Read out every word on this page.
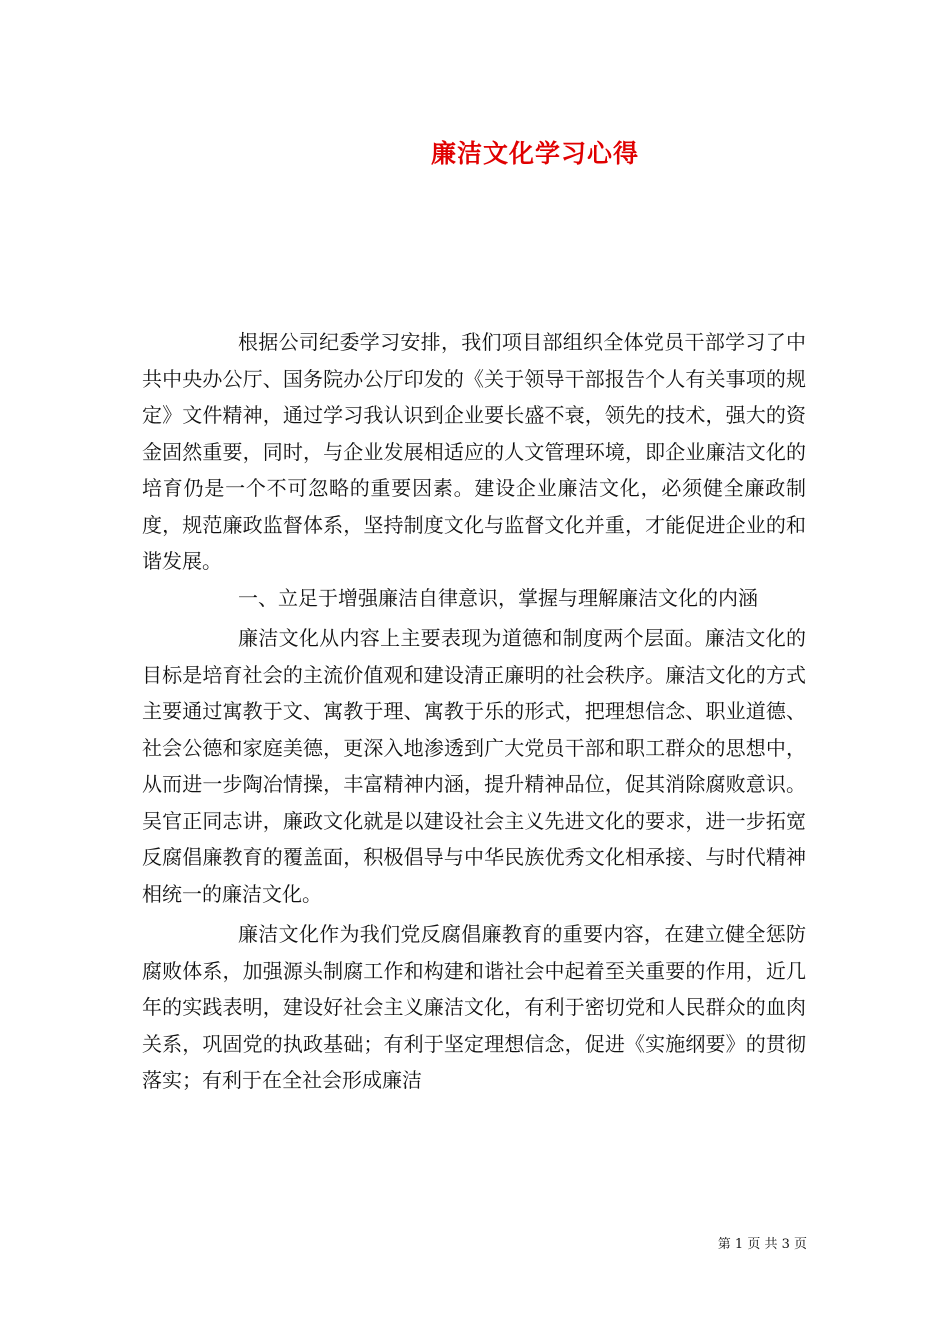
廉洁文化学习心得

根据公司纪委学习安排，我们项目部组织全体党员干部学习了中共中央办公厅、国务院办公厅印发的《关于领导干部报告个人有关事项的规定》文件精神，通过学习我认识到企业要长盛不衰，领先的技术，强大的资金固然重要，同时，与企业发展相适应的人文管理环境，即企业廉洁文化的培育仍是一个不可忽略的重要因素。建设企业廉洁文化，必须健全廉政制度，规范廉政监督体系，坚持制度文化与监督文化并重，才能促进企业的和谐发展。

一、立足于增强廉洁自律意识，掌握与理解廉洁文化的内涵

廉洁文化从内容上主要表现为道德和制度两个层面。廉洁文化的目标是培育社会的主流价值观和建设清正廉明的社会秩序。廉洁文化的方式主要通过寓教于文、寓教于理、寓教于乐的形式，把理想信念、职业道德、社会公德和家庭美德，更深入地渗透到广大党员干部和职工群众的思想中，从而进一步陶冶情操，丰富精神内涵，提升精神品位，促其消除腐败意识。吴官正同志讲，廉政文化就是以建设社会主义先进文化的要求，进一步拓宽反腐倡廉教育的覆盖面，积极倡导与中华民族优秀文化相承接、与时代精神相统一的廉洁文化。

廉洁文化作为我们党反腐倡廉教育的重要内容，在建立健全惩防腐败体系，加强源头制腐工作和构建和谐社会中起着至关重要的作用，近几年的实践表明，建设好社会主义廉洁文化，有利于密切党和人民群众的血肉关系，巩固党的执政基础；有利于坚定理想信念，促进《实施纲要》的贯彻落实；有利于在全社会形成廉洁

第 1 页 共 3 页
